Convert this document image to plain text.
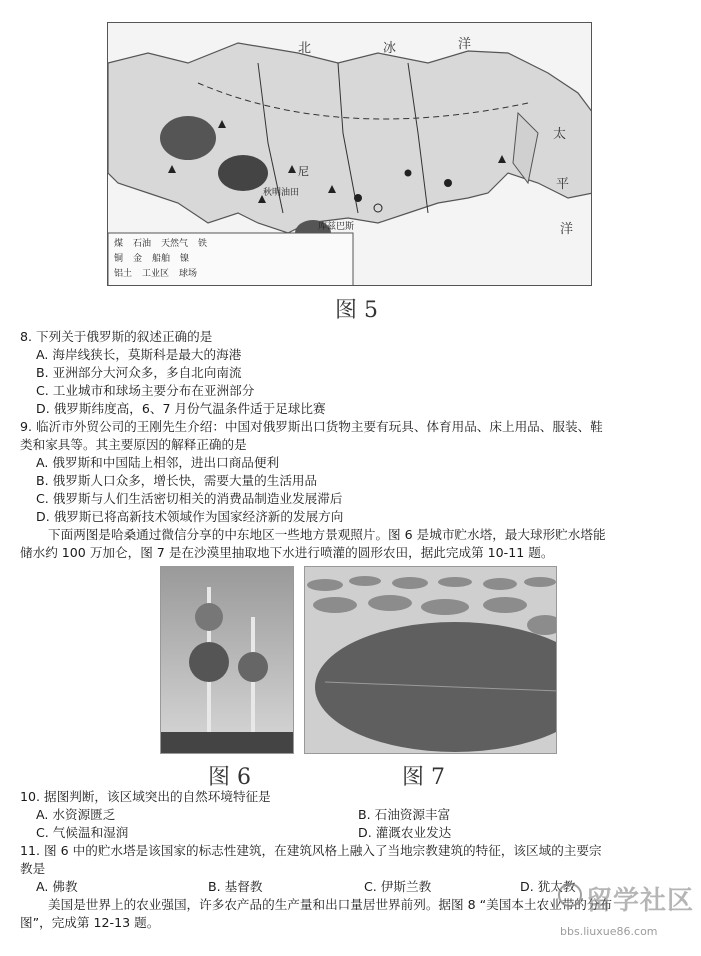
北	冰	洋
太
平
洋
尼
秋明油田
库兹巴斯
煤 石油 天然气 铁
铜 金 船舶 镍
铝土 工业区 球场
图 5
8. 下列关于俄罗斯的叙述正确的是
A. 海岸线狭长，莫斯科是最大的海港
B. 亚洲部分大河众多，多自北向南流
C. 工业城市和球场主要分布在亚洲部分
D. 俄罗斯纬度高，6、7 月份气温条件适于足球比赛
9. 临沂市外贸公司的王刚先生介绍：中国对俄罗斯出口货物主要有玩具、体育用品、床上用品、服装、鞋
类和家具等。其主要原因的解释正确的是
A. 俄罗斯和中国陆上相邻，进出口商品便利
B. 俄罗斯人口众多，增长快，需要大量的生活用品
C. 俄罗斯与人们生活密切相关的消费品制造业发展滞后
D. 俄罗斯已将高新技术领域作为国家经济新的发展方向
下面两图是哈桑通过微信分享的中东地区一些地方景观照片。图 6 是城市贮水塔，最大球形贮水塔能
储水约 100 万加仑，图 7 是在沙漠里抽取地下水进行喷灌的圆形农田，据此完成第 10-11 题。
图 6	图 7
10. 据图判断，该区域突出的自然环境特征是
A. 水资源匮乏	B. 石油资源丰富
C. 气候温和湿润	D. 灌溉农业发达
11. 图 6 中的贮水塔是该国家的标志性建筑，在建筑风格上融入了当地宗教建筑的特征，该区域的主要宗
教是
A. 佛教	B. 基督教	C. 伊斯兰教	D. 犹太教
美国是世界上的农业强国，许多农产品的生产量和出口量居世界前列。据图 8 “美国本土农业带的分布
图”，完成第 12-13 题。
留学社区
bbs.liuxue86.com
